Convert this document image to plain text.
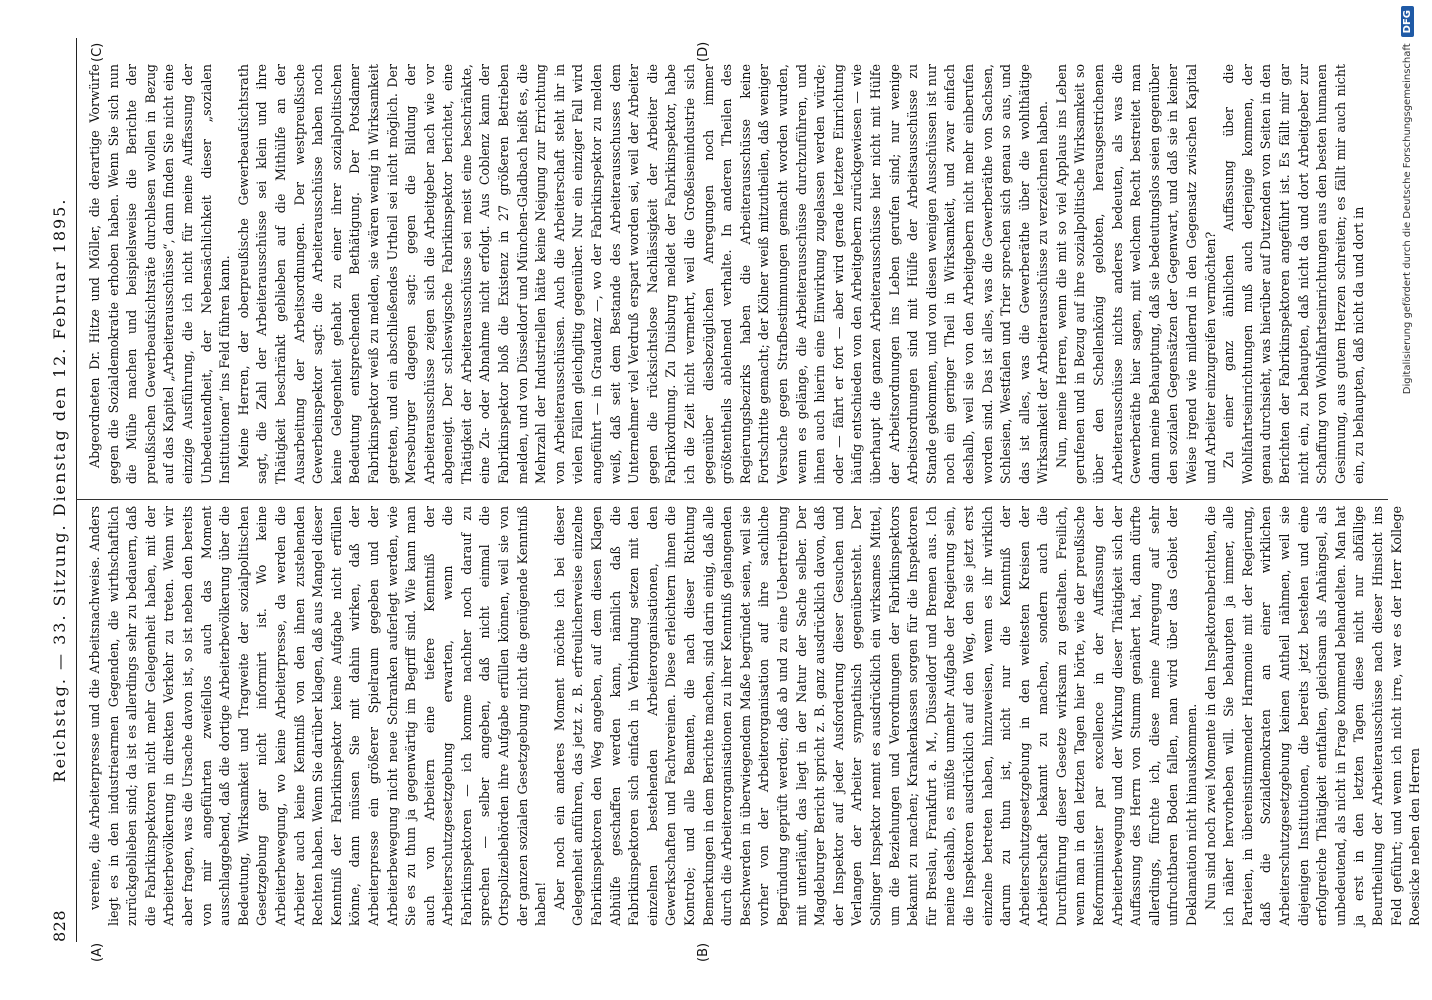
828
Reichstag. — 33. Sitzung. Dienstag den 12. Februar 1895.
(A)	(B)
(C)	(D)

vereine, die Arbeiterpresse und die Arbeitsnachweise. Anders liegt es in den industriearmen Gegenden, die wirthschaftlich zurückgeblieben sind; da ist es allerdings sehr zu bedauern, daß die Fabrikinspektoren nicht mehr Gelegenheit haben, mit der Arbeiterbevölkerung in direkten Verkehr zu treten. Wenn wir aber fragen, was die Ursache davon ist, so ist neben den bereits von mir angeführten zweifellos auch das Moment ausschlaggebend, daß die dortige Arbeiterbevölkerung über die Bedeutung, Wirksamkeit und Tragweite der sozialpolitischen Gesetzgebung gar nicht informirt ist. Wo keine Arbeiterbewegung, wo keine Arbeiterpresse, da werden die Arbeiter auch keine Kenntniß von den ihnen zustehenden Rechten haben. Wenn Sie darüber klagen, daß aus Mangel dieser Kenntniß der Fabrikinspektor keine Aufgabe nicht erfüllen könne, dann müssen Sie mit dahin wirken, daß der Arbeiterpresse ein größerer Spielraum gegeben und der Arbeiterbewegung nicht neue Schranken auferlegt werden, wie Sie es zu thun ja gegenwärtig im Begriff sind. Wie kann man auch von Arbeitern eine tiefere Kenntniß der Arbeiterschutzgesetzgebung erwarten, wenn die Fabrikinspektoren — ich komme nachher noch darauf zu sprechen — selber angeben, daß nicht einmal die Ortspolizeibehörden ihre Aufgabe erfüllen können, weil sie von der ganzen sozialen Gesetzgebung nicht die genügende Kenntniß haben! Aber noch ein anderes Moment möchte ich bei dieser Gelegenheit anführen, das jetzt z. B. erfreulicherweise einzelne Fabrikinspektoren den Weg angeben, auf dem diesen Klagen Abhülfe geschaffen werden kann, nämlich daß die Fabrikinspektoren sich einfach in Verbindung setzen mit den einzelnen bestehenden Arbeiterorganisationen, den Gewerkschaften und Fachvereinen. Diese erleichtern ihnen die Kontrole; und alle Beamten, die nach dieser Richtung Bemerkungen in dem Berichte machen, sind darin einig, daß alle durch die Arbeiterorganisationen zu ihrer Kenntniß gelangenden Beschwerden in überwiegendem Maße begründet seien, weil sie vorher von der Arbeiterorganisation auf ihre sachliche Begründung geprüft werden; daß ab und zu eine Uebertreibung mit unterläuft, das liegt in der Natur der Sache selber. Der Magdeburger Bericht spricht z. B. ganz ausdrücklich davon, daß der Inspektor auf jeder Ausforderung dieser Gesuchen und Verlangen der Arbeiter sympathisch gegenübersteht. Der Solinger Inspektor nennt es ausdrücklich ein wirksames Mittel, um die Beziehungen und Verordnungen der Fabrikinspektors bekannt zu machen; Krankenkassen sorgen für die Inspektoren für Breslau, Frankfurt a. M., Düsseldorf und Bremen aus. Ich meine deshalb, es müßte unmehr Aufgabe der Regierung sein, die Inspektoren ausdrücklich auf den Weg, den sie jetzt erst einzelne betreten haben, hinzuweisen, wenn es ihr wirklich darum zu thun ist, nicht nur die Kenntniß der Arbeiterschutzgesetzgebung in den weitesten Kreisen der Arbeiterschaft bekannt zu machen, sondern auch die Durchführung dieser Gesetze wirksam zu gestalten. Freilich, wenn man in den letzten Tagen hier hörte, wie der preußische Reformminister par excellence in der Auffassung der Arbeiterbewegung und der Wirkung dieser Thätigkeit sich der Auffassung des Herrn von Stumm genähert hat, dann dürfte allerdings, fürchte ich, diese meine Anregung auf sehr unfruchtbaren Boden fallen, man wird über das Gebiet der Deklamation nicht hinauskommen. Nun sind noch zwei Momente in den Inspektorenberichten, die ich näher hervorheben will. Sie behaupten ja immer, alle Parteien, in übereinstimmender Harmonie mit der Regierung, daß die Sozialdemokraten an einer wirklichen Arbeiterschutzgesetzgebung keinen Antheil nähmen, weil sie diejenigen Institutionen, die bereits jetzt bestehen und eine erfolgreiche Thätigkeit entfalten, gleichsam als Anhängsel, als unbedeutend, als nicht in Frage kommend behandelten. Man hat ja erst in den letzten Tagen diese nicht nur abfällige Beurtheilung der Arbeiterausschüsse nach dieser Hinsicht ins Feld geführt; und wenn ich nicht irre, war es der Herr Kollege Roesicke neben den Herren

Abgeordneten Dr. Hitze und Möller, die derartige Vorwürfe gegen die Sozialdemokratie erhoben haben. Wenn Sie sich nun die Mühe machen und beispielsweise die Berichte der preußischen Gewerbeaufsichtsräte durchlesen wollen in Bezug auf das Kapitel „Arbeiterausschüsse“, dann finden Sie nicht eine einzige Ausführung, die ich nicht für meine Auffassung der Unbedeutendheit, der Nebensächlichkeit dieser „sozialen Institutionen“ ins Feld führen kann. Meine Herren, der oberpreußische Gewerbeaufsichtsrath sagt, die Zahl der Arbeiterausschüsse sei klein und ihre Thätigkeit beschränkt geblieben auf die Mithülfe an der Ausarbeitung der Arbeitsordnungen. Der westpreußische Gewerbeinspektor sagt: die Arbeiterausschüsse haben noch keine Gelegenheit gehabt zu einer ihrer sozialpolitischen Bedeutung entsprechenden Bethätigung. Der Potsdamer Fabrikinspektor weiß zu melden, sie wären wenig in Wirksamkeit getreten, und ein abschließendes Urtheil sei nicht möglich. Der Merseburger dagegen sagt: gegen die Bildung der Arbeiterausschüsse zeigen sich die Arbeitgeber nach wie vor abgeneigt. Der schleswigsche Fabrikinspektor berichtet, eine Thätigkeit der Arbeiterausschüsse sei meist eine beschränkte, eine Zu- oder Abnahme nicht erfolgt. Aus Coblenz kann der Fabrikinspektor bloß die Existenz in 27 größeren Betrieben melden, und von Düsseldorf und München-Gladbach heißt es, die Mehrzahl der Industriellen hätte keine Neigung zur Errichtung von Arbeiterausschüssen. Auch die Arbeiterschaft steht ihr in vielen Fällen gleichgiltig gegenüber. Nur ein einziger Fall wird angeführt — in Graudenz —, wo der Fabrikinspektor zu melden weiß, daß seit dem Bestande des Arbeiterausschusses dem Unternehmer viel Verdruß erspart worden sei, weil der Arbeiter gegen die rücksichtslose Nachlässigkeit der Arbeiter die Fabrikordnung. Zu Duisburg meldet der Fabrikinspektor, habe ich die Zeit nicht vermehrt, weil die Großeisenindustrie sich gegenüber diesbezüglichen Anregungen noch immer größtentheils ablehnend verhalte. In anderen Theilen des Regierungsbezirks haben die Arbeiterausschüsse keine Fortschritte gemacht; der Kölner weiß mitzutheilen, daß weniger Versuche gegen Strafbestimmungen gemacht worden wurden, wenn es gelänge, die Arbeiterausschüsse durchzuführen, und ihnen auch hierin eine Einwirkung zugelassen werden würde; oder — fährt er fort — aber wird gerade letztere Einrichtung häufig entschieden von den Arbeitgebern zurückgewiesen — wie überhaupt die ganzen Arbeiterausschüsse hier nicht mit Hülfe der Arbeitsordnungen ins Leben gerufen sind; nur wenige Arbeitsordnungen sind mit Hülfe der Arbeitsausschüsse zu Stande gekommen, und von diesen wenigen Ausschüssen ist nur noch ein geringer Theil in Wirksamkeit, und zwar einfach deshalb, weil sie von den Arbeitgebern nicht mehr einberufen worden sind. Das ist alles, was die Gewerberäthe von Sachsen, Schlesien, Westfalen und Trier sprechen sich genau so aus, und das ist alles, was die Gewerberäthe über die wohlthätige Wirksamkeit der Arbeiterausschüsse zu verzeichnen haben. Nun, meine Herren, wenn die mit so viel Applaus ins Leben gerufenen und in Bezug auf ihre sozialpolitische Wirksamkeit so über den Schellenkönig gelobten, herausgestrichenen Arbeiterausschüsse nichts anderes bedeuten, als was die Gewerberäthe hier sagen, mit welchem Recht bestreitet man dann meine Behauptung, daß sie bedeutungslos seien gegenüber den sozialen Gegensätzen der Gegenwart, und daß sie in keiner Weise irgend wie mildernd in den Gegensatz zwischen Kapital und Arbeiter einzugreifen vermöchten? Zu einer ganz ähnlichen Auffassung über die Wohlfahrtseinrichtungen muß auch derjenige kommen, der genau durchsieht, was hierüber auf Dutzenden von Seiten in den Berichten der Fabrikinspektoren angeführt ist. Es fällt mir gar nicht ein, zu behaupten, daß nicht da und dort Arbeitgeber zur Schaffung von Wohlfahrtseinrichtungen aus den besten humanen Gesinnung, aus gutem Herzen schreiten; es fällt mir auch nicht ein, zu behaupten, daß nicht da und dort in	Digitalisierung gefördert durch die Deutsche Forschungsgemeinschaft
DFG
